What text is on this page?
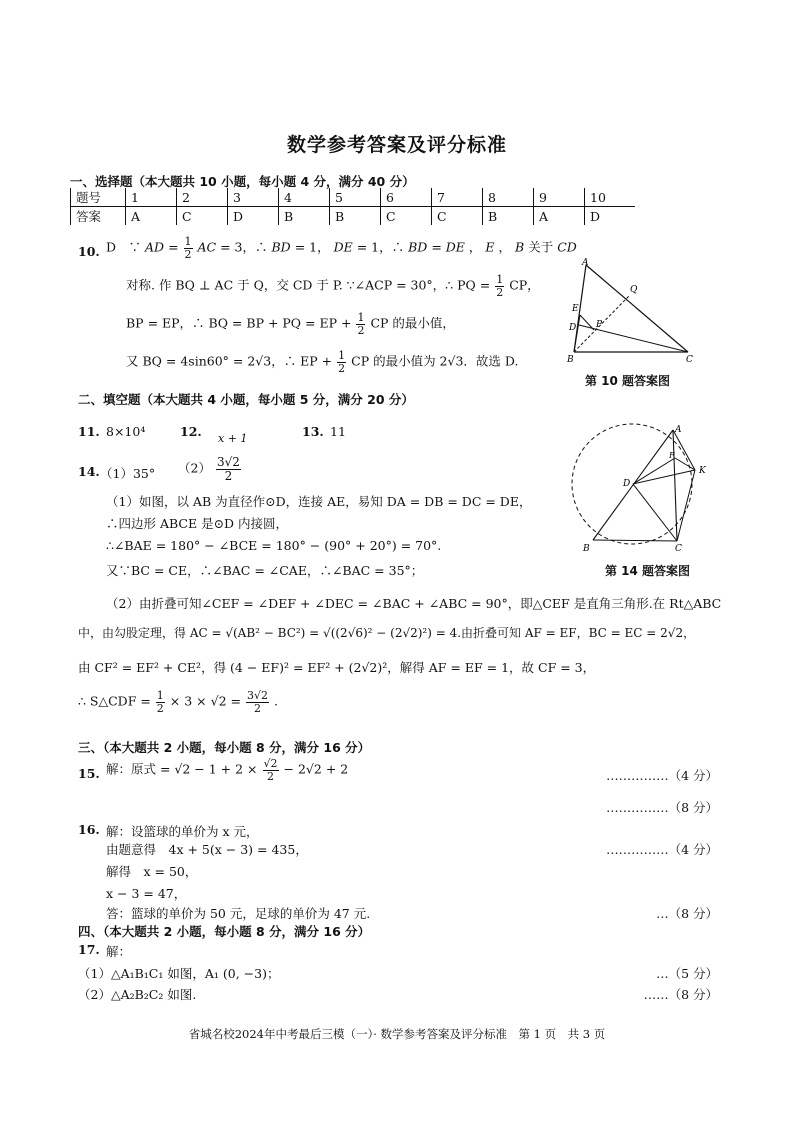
数学参考答案及评分标准
一、选择题（本大题共 10 小题，每小题 4 分，满分 40 分）
题号	1	2	3	4	5	6	7	8	9	10
答案	A	C	D	B	B	C	C	B	A	D
10. D　∵ AD = $\frac{1}{2}$ AC = 3，∴ BD = 1， DE = 1，∴ BD = DE ， E ， B 关于 CD
对称. 作 BQ ⊥ AC 于 Q，交 CD 于 P. ∵∠ACP = 30°，∴ PQ = $\frac{1}{2}$ CP，
BP = EP，∴ BQ = BP + PQ = EP + $\frac{1}{2}$ CP 的最小值，
又 BQ = 4sin60° = 2√3，∴ EP + $\frac{1}{2}$ CP 的最小值为 2√3．故选 D.
A
Q
E
D P
B	C
第 10 题答案图
二、填空题（本大题共 4 小题，每小题 5 分，满分 20 分）
11. 8×10⁴	12. x + 1	13. 11
14. （1）35° $(2) \frac{3√2}{2}$
（1）如图，以 AB 为直径作⊙D，连接 AE，易知 DA = DB = DC = DE，
∴四边形 ABCE 是⊙D 内接圆，
∴∠BAE = 180° − ∠BCE = 180° − (90° + 20°) = 70°.
又∵BC = CE，∴∠BAC = ∠CAE，∴∠BAC = 35°；
（2）由折叠可知∠CEF = ∠DEF + ∠DEC = ∠BAC + ∠ABC = 90°，即△CEF 是直角三角形.在 Rt△ABC
中，由勾股定理，得 AC = √(AB² − BC²) = √((2√6)² − (2√2)²) = 4.由折叠可知 AF = EF，BC = EC = 2√2，
由 CF² = EF² + CE²，得 (4 − EF)² = EF² + (2√2)²，解得 AF = EF = 1，故 CF = 3，
∴ S△CDF = $\frac{1}{2} \times 3 \times √2 = \frac{3√2}{2}$ .
A
F
K
D
B	C
第 14 题答案图
三、（本大题共 2 小题，每小题 8 分，满分 16 分）
15. 解：原式 = $√2 - 1 + 2 \times \frac{√2}{2} - 2√2 + 2$	……………（4 分）
……………（8 分）
16. 解：设篮球的单价为 x 元，
由题意得　4x + 5(x − 3) = 435，	……………（4 分）
解得　x = 50，
x − 3 = 47，
答：篮球的单价为 50 元，足球的单价为 47 元.	…（8 分）
四、（本大题共 2 小题，每小题 8 分，满分 16 分）
17. 解：
（1）△A₁B₁C₁ 如图，A₁ (0, −3)；	…（5 分）
（2）△A₂B₂C₂ 如图.	……（8 分）
省城名校2024年中考最后三模（一）· 数学参考答案及评分标准　第 1 页　共 3 页
